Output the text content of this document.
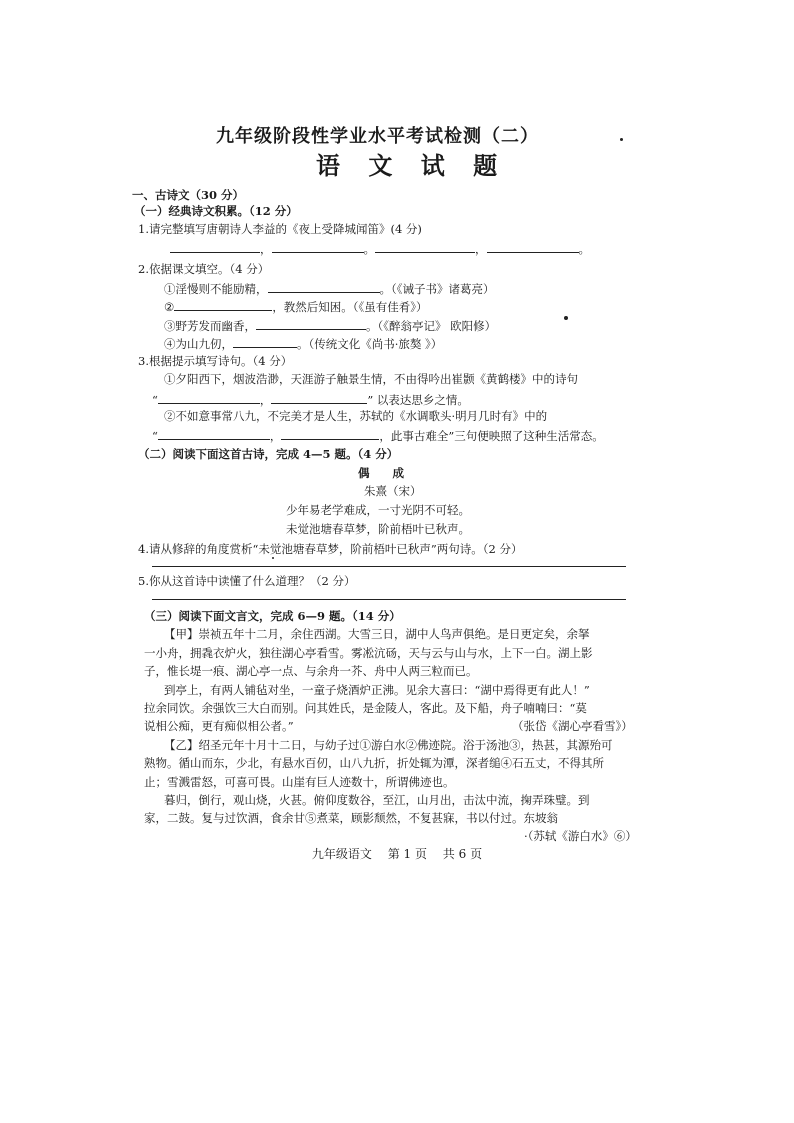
九年级阶段性学业水平考试检测（二）
语 文 试 题
一、古诗文（30 分）
（一）经典诗文积累。（12 分）
1.请完整填写唐朝诗人李益的《夜上受降城闻笛》(4 分)
，	。	，	。
2.依据课文填空。（4 分）
①淫慢则不能励精，	。（《诫子书》诸葛亮）
②	，教然后知困。（《虽有佳肴》）
③野芳发而幽香，	。（《醉翁亭记》 欧阳修）
④为山九仞，	。（传统文化《尚书·旅獒 》）
3.根据提示填写诗句。（4 分）
①夕阳西下，烟波浩渺，天涯游子触景生情，不由得吟出崔颢《黄鹤楼》中的诗句
“	，	” 以表达思乡之情。
②不如意事常八九，不完美才是人生，苏轼的《水调歌头·明月几时有》中的
“	，	，此事古难全”三句便映照了这种生活常态。
（二）阅读下面这首古诗，完成 4—5 题。（4 分）
偶　　成
朱熹（宋）
少年易老学难成，一寸光阴不可轻。
未觉池塘春草梦，阶前梧叶已秋声。
4.请从修辞的角度赏析“未觉池塘春草梦，阶前梧叶已秋声”两句诗。（2 分）
5.你从这首诗中读懂了什么道理？（2 分）
（三）阅读下面文言文，完成 6—9 题。（14 分）
【甲】崇祯五年十二月，余住西湖。大雪三日，湖中人鸟声俱绝。是日更定矣，余拏
一小舟，拥毳衣炉火，独往湖心亭看雪。雾凇沆砀，天与云与山与水，上下一白。湖上影
子，惟长堤一痕、湖心亭一点、与余舟一芥、舟中人两三粒而已。
到亭上，有两人铺毡对坐，一童子烧酒炉正沸。见余大喜曰：“湖中焉得更有此人！”
拉余同饮。余强饮三大白而别。问其姓氏，是金陵人，客此。及下船，舟子喃喃曰：“莫
说相公痴，更有痴似相公者。”	（张岱《湖心亭看雪》）
【乙】绍圣元年十月十二日，与幼子过①游白水②佛迹院。浴于汤池③，热甚，其源殆可
熟物。循山而东，少北，有悬水百仞，山八九折，折处辄为潭，深者缒④石五丈，不得其所
止；雪溅雷怒，可喜可畏。山崖有巨人迹数十，所谓佛迹也。
暮归，倒行，观山烧，火甚。俯仰度数谷，至江，山月出，击汰中流，掬弄珠璧。到
家，二鼓。复与过饮酒，食余甘⑤煮菜，顾影颓然，不复甚寐，书以付过。东坡翁
·（苏轼《游白水》⑥）
九年级语文　 第 1 页　 共 6 页
